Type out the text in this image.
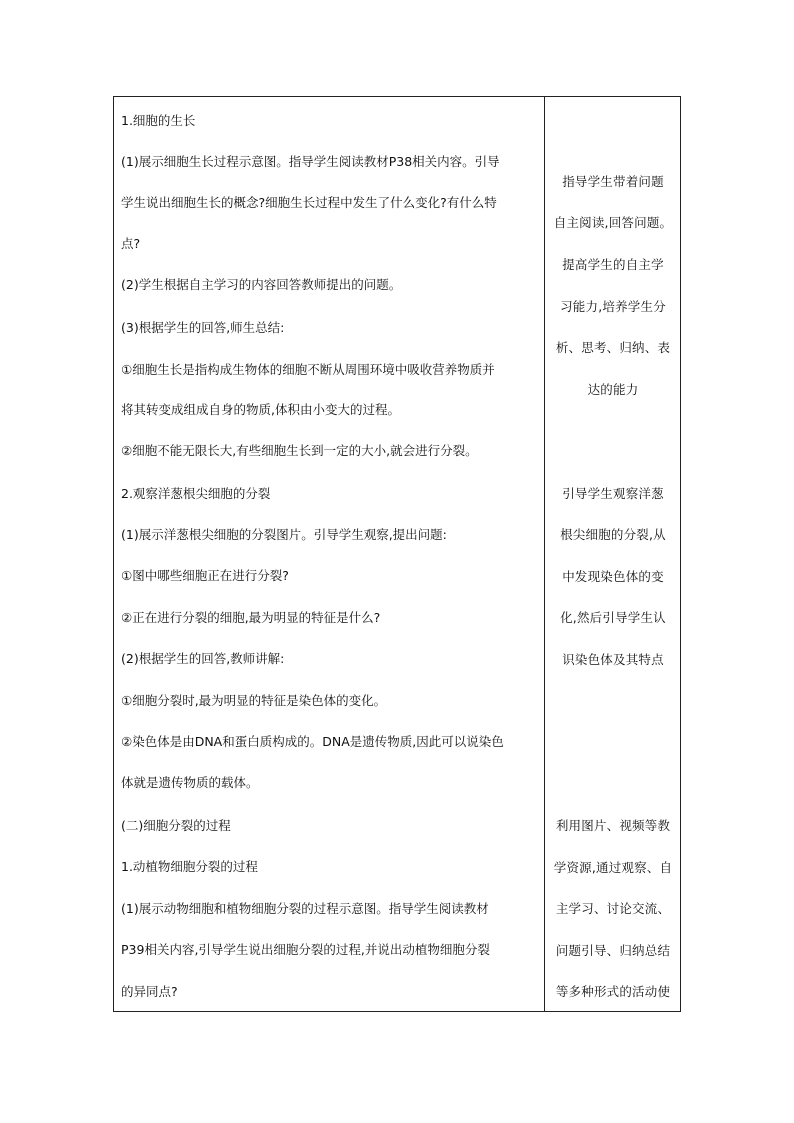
1.细胞的生长
(1)展示细胞生长过程示意图。指导学生阅读教材P38相关内容。引导
学生说出细胞生长的概念?细胞生长过程中发生了什么变化?有什么特
点?
(2)学生根据自主学习的内容回答教师提出的问题。
(3)根据学生的回答,师生总结:
①细胞生长是指构成生物体的细胞不断从周围环境中吸收营养物质并
将其转变成组成自身的物质,体积由小变大的过程。
②细胞不能无限长大,有些细胞生长到一定的大小,就会进行分裂。
2.观察洋葱根尖细胞的分裂
(1)展示洋葱根尖细胞的分裂图片。引导学生观察,提出问题:
①图中哪些细胞正在进行分裂?
②正在进行分裂的细胞,最为明显的特征是什么?
(2)根据学生的回答,教师讲解:
①细胞分裂时,最为明显的特征是染色体的变化。
②染色体是由DNA和蛋白质构成的。DNA是遗传物质,因此可以说染色
体就是遗传物质的载体。
(二)细胞分裂的过程
1.动植物细胞分裂的过程
(1)展示动物细胞和植物细胞分裂的过程示意图。指导学生阅读教材
P39相关内容,引导学生说出细胞分裂的过程,并说出动植物细胞分裂
的异同点?
指导学生带着问题
自主阅读,回答问题。
提高学生的自主学
习能力,培养学生分
析、思考、归纳、表
达的能力
引导学生观察洋葱
根尖细胞的分裂,从
中发现染色体的变
化,然后引导学生认
识染色体及其特点
利用图片、视频等教
学资源,通过观察、自
主学习、讨论交流、
问题引导、归纳总结
等多种形式的活动使
